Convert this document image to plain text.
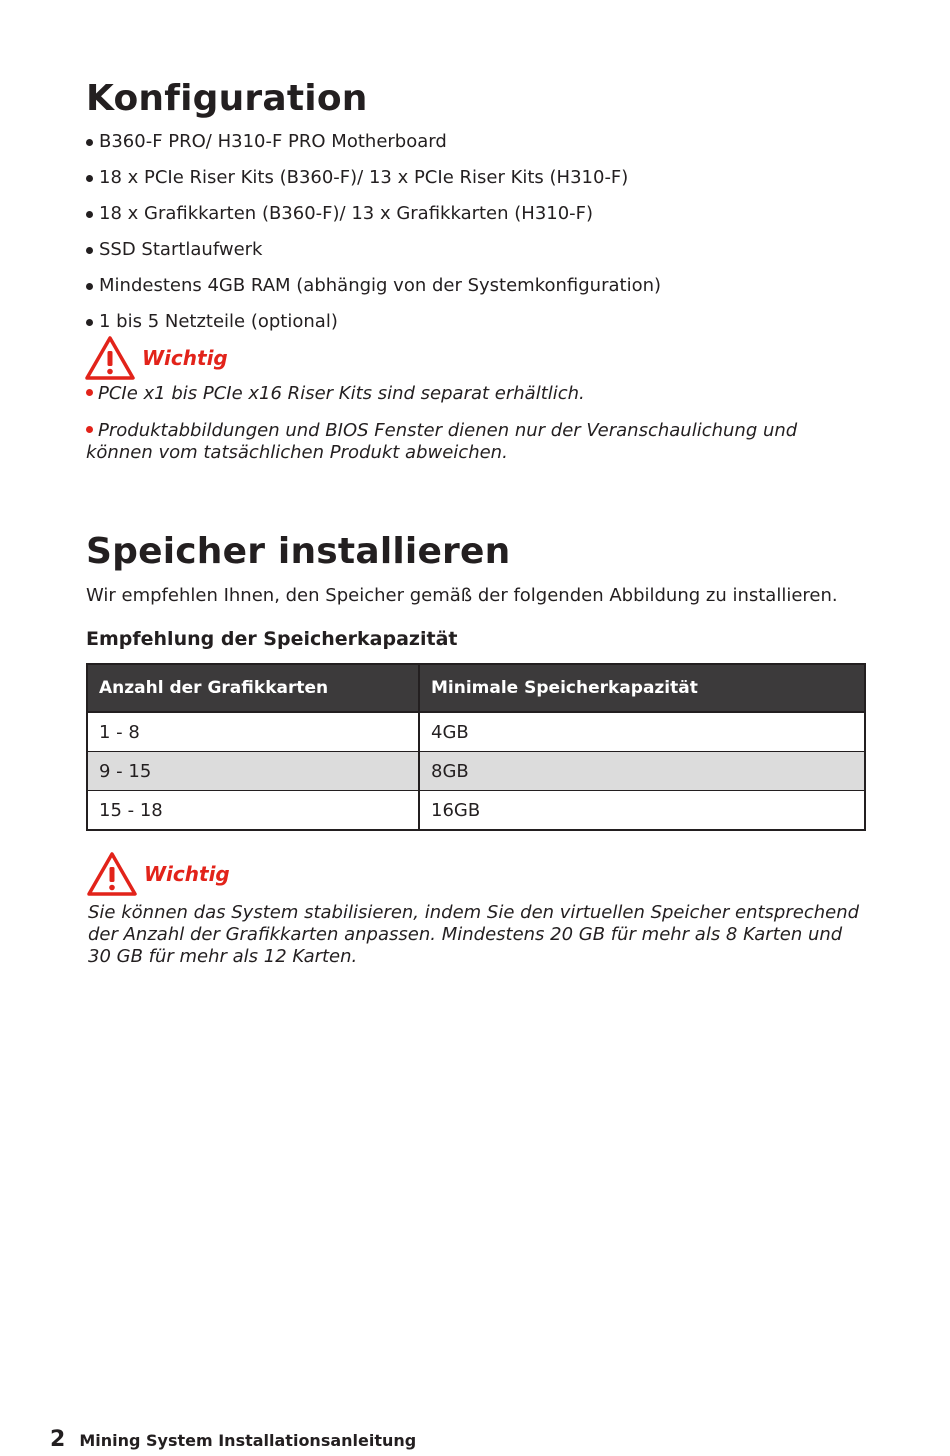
Konfiguration
B360-F PRO/ H310-F PRO Motherboard
18 x PCIe Riser Kits (B360-F)/ 13 x PCIe Riser Kits (H310-F)
18 x Grafikkarten (B360-F)/ 13 x Grafikkarten (H310-F)
SSD Startlaufwerk
Mindestens 4GB RAM (abhängig von der Systemkonfiguration)
1 bis 5 Netzteile (optional)
Wichtig
PCIe x1 bis PCIe x16 Riser Kits sind separat erhältlich.
Produktabbildungen und BIOS Fenster dienen nur der Veranschaulichung und können vom tatsächlichen Produkt abweichen.
Speicher installieren
Wir empfehlen Ihnen, den Speicher gemäß der folgenden Abbildung zu installieren.
Empfehlung der Speicherkapazität
Anzahl der Grafikkarten	Minimale Speicherkapazität
1 - 8	4GB
9 - 15	8GB
15 - 18	16GB
Wichtig
Sie können das System stabilisieren, indem Sie den virtuellen Speicher entsprechend der Anzahl der Grafikkarten anpassen. Mindestens 20 GB für mehr als 8 Karten und 30 GB für mehr als 12 Karten.
2 Mining System Installationsanleitung
